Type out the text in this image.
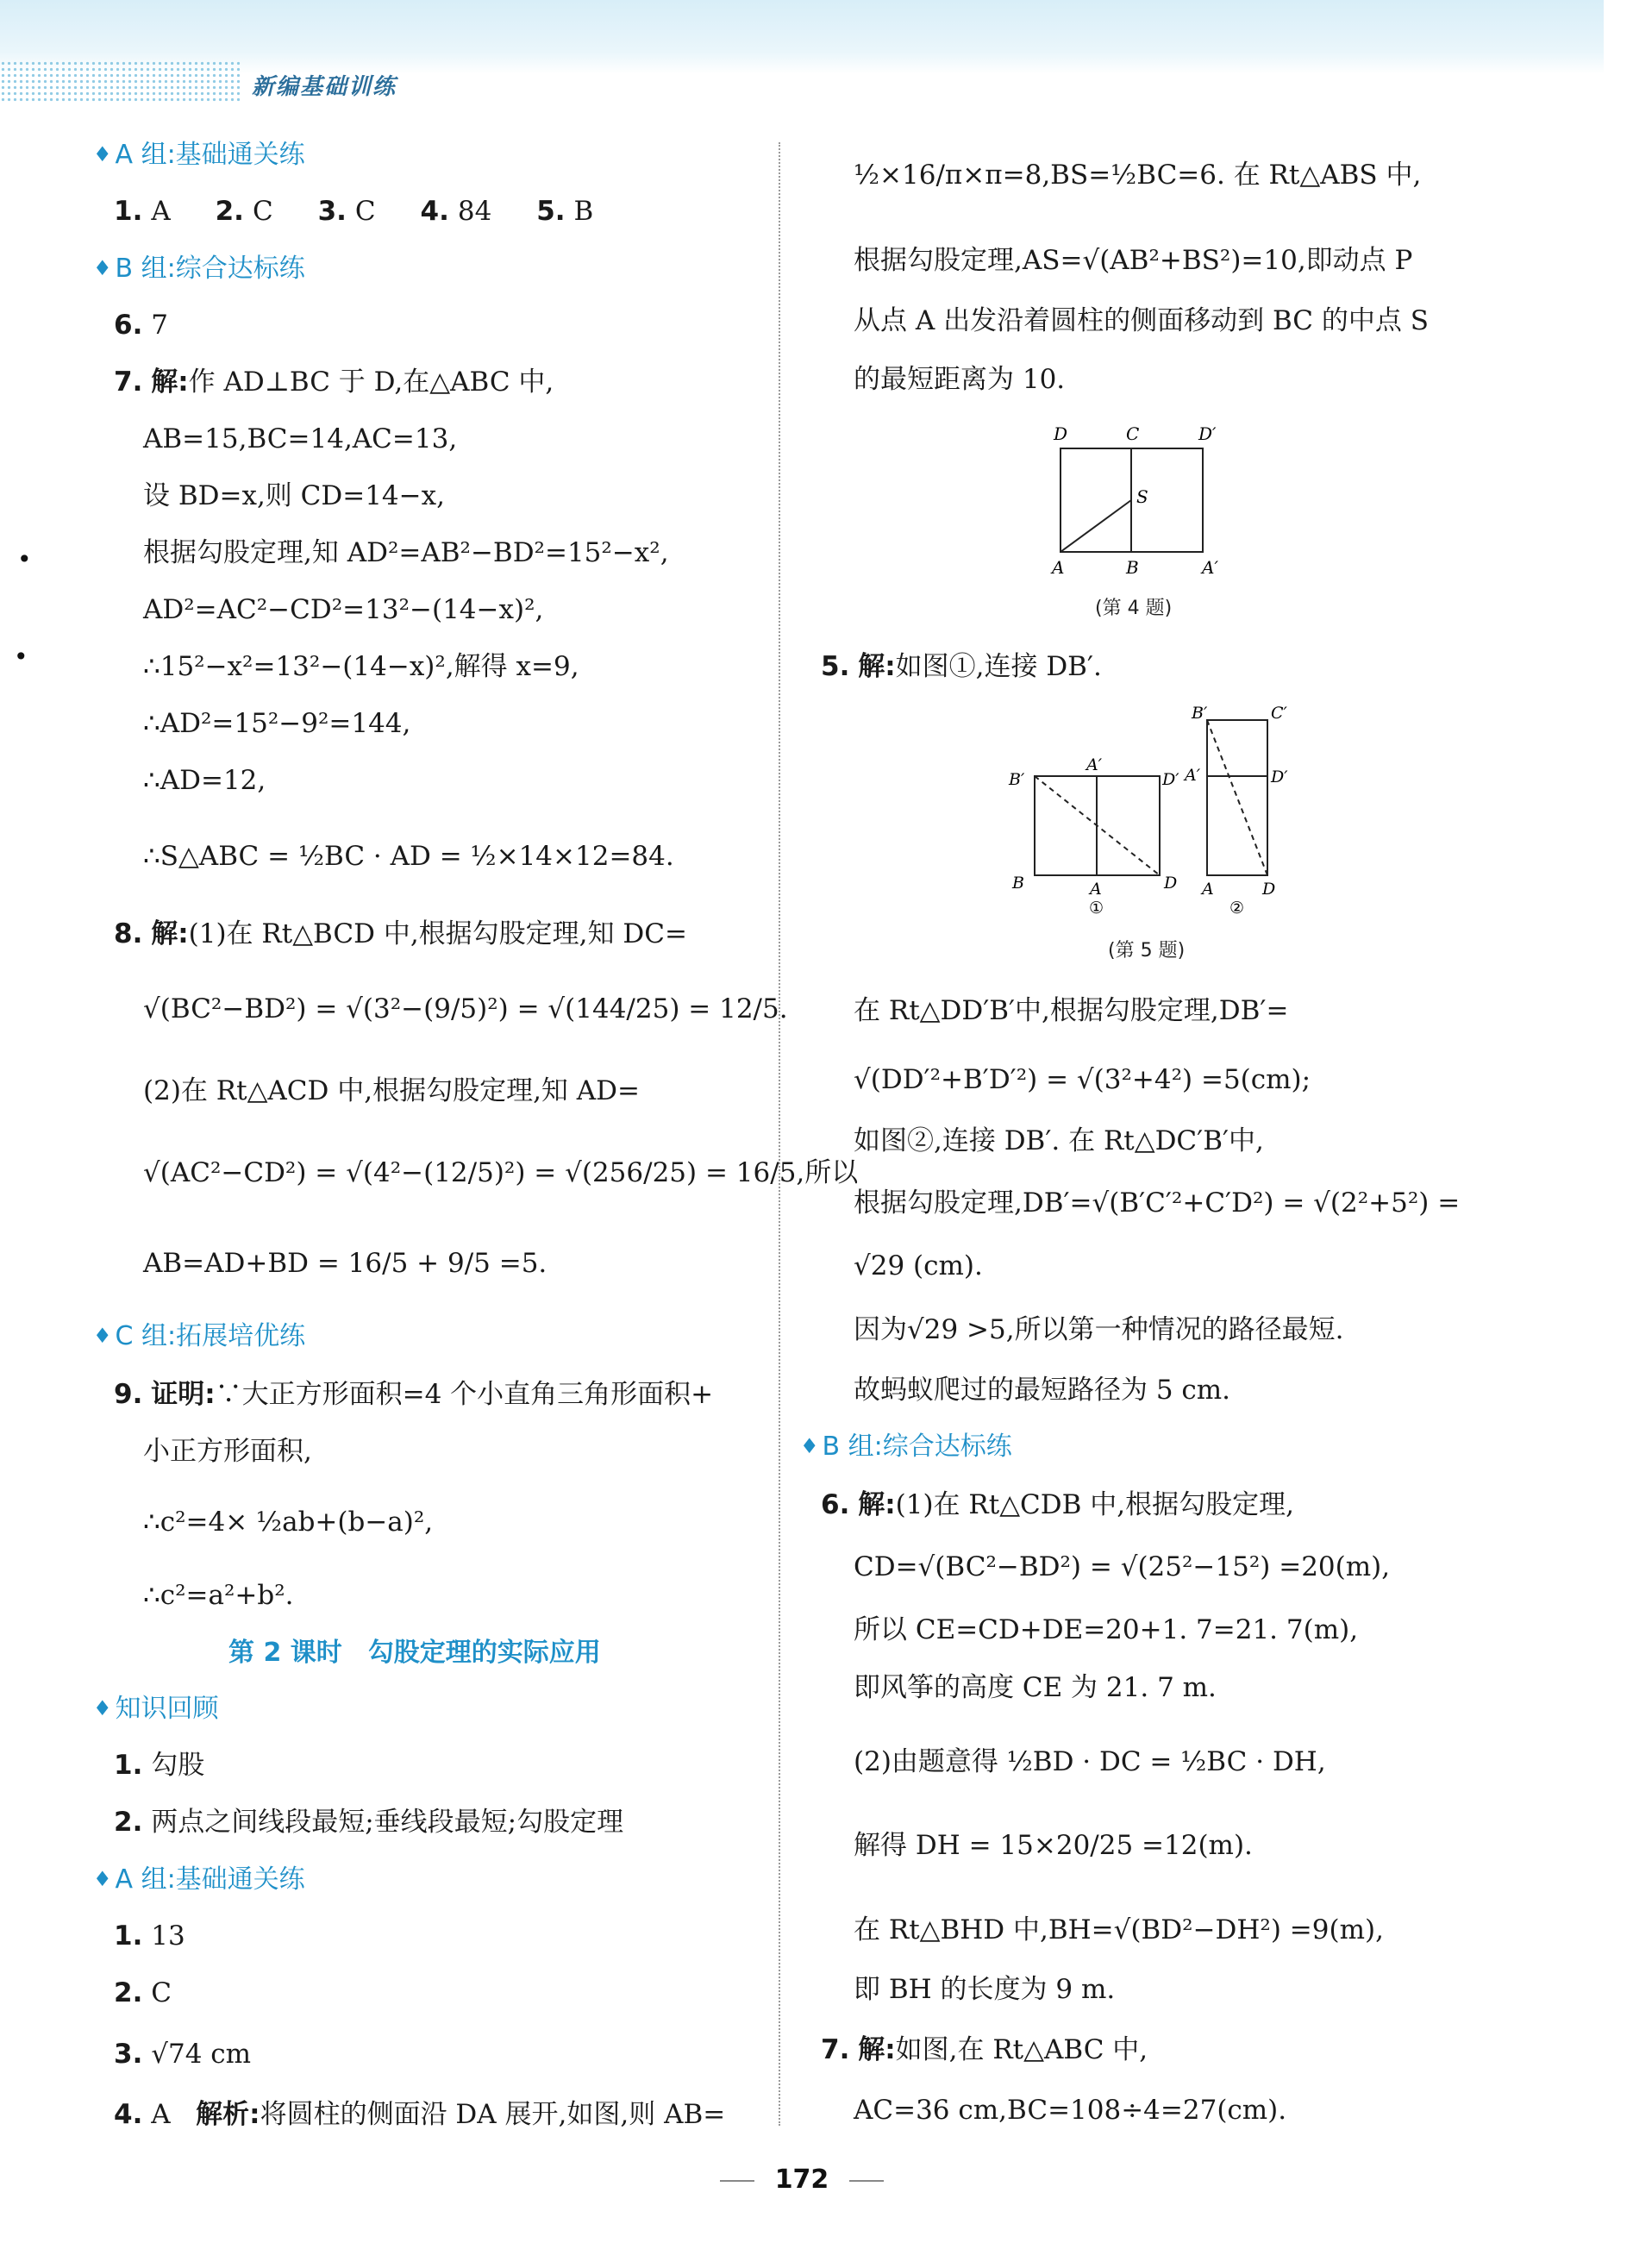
新编基础训练
•
•
♦ A 组:基础通关练
1. A 2. C 3. C 4. 84 5. B
♦ B 组:综合达标练
6. 7
7. 解:作 AD⊥BC 于 D,在△ABC 中,
AB=15,BC=14,AC=13,
设 BD=x,则 CD=14−x,
根据勾股定理,知 AD²=AB²−BD²=15²−x²,
AD²=AC²−CD²=13²−(14−x)²,
∴15²−x²=13²−(14−x)²,解得 x=9,
∴AD²=15²−9²=144,
∴AD=12,
∴S△ABC = ½BC · AD = ½×14×12=84.
8. 解:(1)在 Rt△BCD 中,根据勾股定理,知 DC=
√(BC²−BD²) = √(3²−(9/5)²) = √(144/25) = 12/5.
(2)在 Rt△ACD 中,根据勾股定理,知 AD=
√(AC²−CD²) = √(4²−(12/5)²) = √(256/25) = 16/5,所以
AB=AD+BD = 16/5 + 9/5 =5.
♦ C 组:拓展培优练
9. 证明:∵大正方形面积=4 个小直角三角形面积+
小正方形面积,
∴c²=4× ½ab+(b−a)²,
∴c²=a²+b².
第 2 课时　勾股定理的实际应用
♦ 知识回顾
1. 勾股
2. 两点之间线段最短;垂线段最短;勾股定理
♦ A 组:基础通关练
1. 13
2. C
3. √74 cm
4. A 解析:将圆柱的侧面沿 DA 展开,如图,则 AB=
½×16/π×π=8,BS=½BC=6. 在 Rt△ABS 中,
根据勾股定理,AS=√(AB²+BS²)=10,即动点 P
从点 A 出发沿着圆柱的侧面移动到 BC 的中点 S
的最短距离为 10.
D	C	D′
S
A	B	A′
(第 4 题)
5. 解:如图①,连接 DB′.
B′
A′
D′
B	A	D
①
B′	C′
A′	D′
A	D
②
(第 5 题)
在 Rt△DD′B′中,根据勾股定理,DB′=
√(DD′²+B′D′²) = √(3²+4²) =5(cm);
如图②,连接 DB′. 在 Rt△DC′B′中,
根据勾股定理,DB′=√(B′C′²+C′D²) = √(2²+5²) =
√29 (cm).
因为√29 >5,所以第一种情况的路径最短.
故蚂蚁爬过的最短路径为 5 cm.
♦ B 组:综合达标练
6. 解:(1)在 Rt△CDB 中,根据勾股定理,
CD=√(BC²−BD²) = √(25²−15²) =20(m),
所以 CE=CD+DE=20+1. 7=21. 7(m),
即风筝的高度 CE 为 21. 7 m.
(2)由题意得 ½BD · DC = ½BC · DH,
解得 DH = 15×20/25 =12(m).
在 Rt△BHD 中,BH=√(BD²−DH²) =9(m),
即 BH 的长度为 9 m.
7. 解:如图,在 Rt△ABC 中,
AC=36 cm,BC=108÷4=27(cm).
172
